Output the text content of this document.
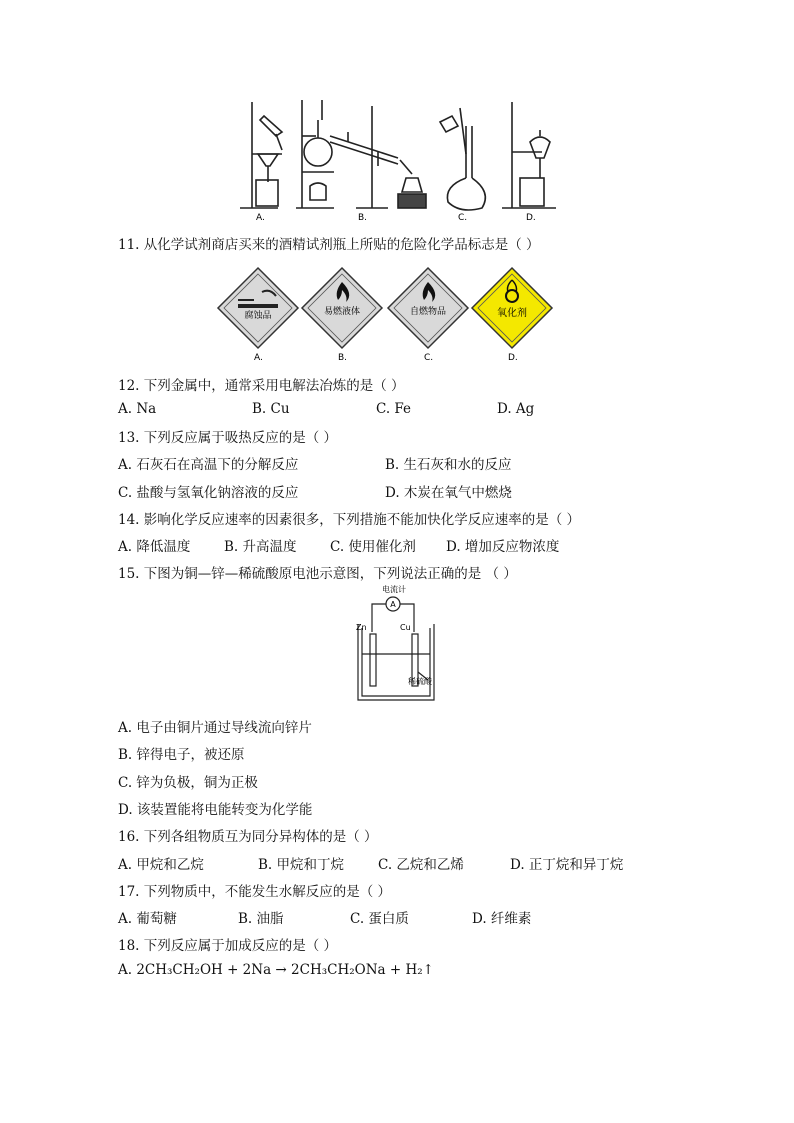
A.	B.	C.	D.
11. 从化学试剂商店买来的酒精试剂瓶上所贴的危险化学品标志是（ ）
腐蚀品
A.
易燃液体
B.
自燃物品
C.
氧化剂
D.
12. 下列金属中，通常采用电解法冶炼的是（ ）
A. Na	B. Cu	C. Fe	D. Ag
13. 下列反应属于吸热反应的是（ ）
A. 石灰石在高温下的分解反应	B. 生石灰和水的反应
C. 盐酸与氢氧化钠溶液的反应	D. 木炭在氧气中燃烧
14. 影响化学反应速率的因素很多，下列措施不能加快化学反应速率的是（ ）
A. 降低温度 B. 升高温度 C. 使用催化剂 D. 增加反应物浓度
15. 下图为铜—锌—稀硫酸原电池示意图，下列说法正确的是 （ ）
电流计
A
Zn	Cu
稀硫酸
A. 电子由铜片通过导线流向锌片
B. 锌得电子，被还原
C. 锌为负极，铜为正极
D. 该装置能将电能转变为化学能
16. 下列各组物质互为同分异构体的是（ ）
A. 甲烷和乙烷	B. 甲烷和丁烷	C. 乙烷和乙烯	D. 正丁烷和异丁烷
17. 下列物质中，不能发生水解反应的是（ ）
A. 葡萄糖	B. 油脂	C. 蛋白质	D. 纤维素
18. 下列反应属于加成反应的是（ ）
A. 2CH₃CH₂OH + 2Na → 2CH₃CH₂ONa + H₂↑
